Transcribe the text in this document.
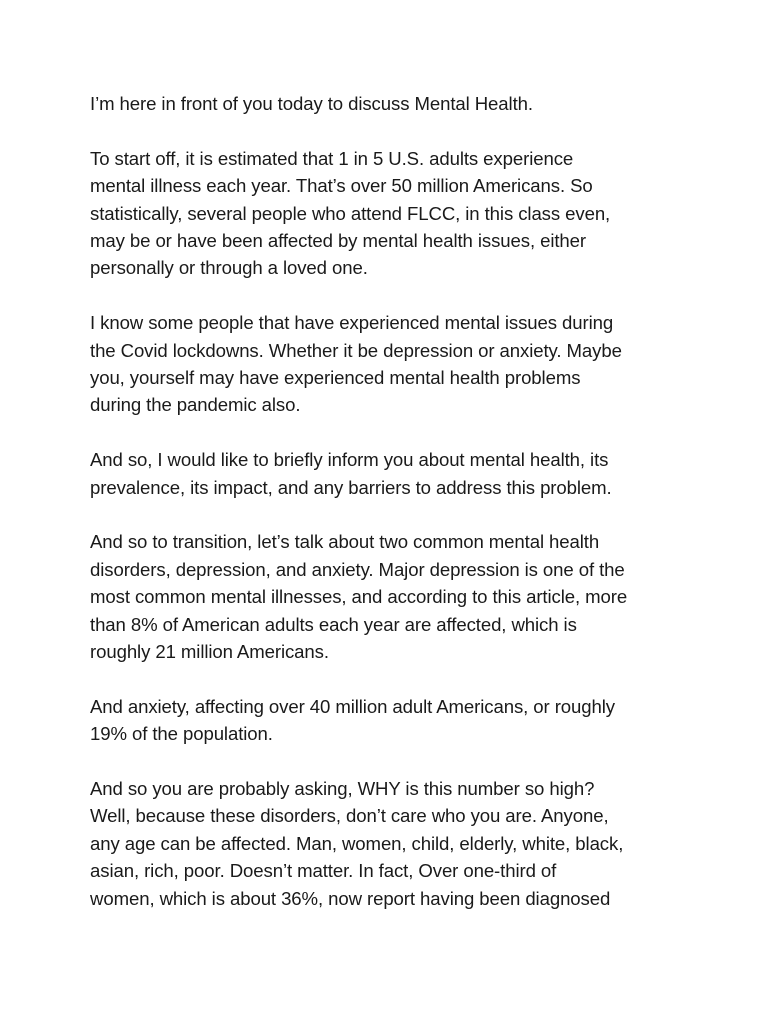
I’m here in front of you today to discuss Mental Health.

To start off, it is estimated that 1 in 5 U.S. adults experience
mental illness each year. That’s over 50 million Americans. So
statistically, several people who attend FLCC, in this class even,
may be or have been affected by mental health issues, either
personally or through a loved one.

I know some people that have experienced mental issues during
the Covid lockdowns. Whether it be depression or anxiety. Maybe
you, yourself may have experienced mental health problems
during the pandemic also.

And so, I would like to briefly inform you about mental health, its
prevalence, its impact, and any barriers to address this problem.

And so to transition, let’s talk about two common mental health
disorders, depression, and anxiety. Major depression is one of the
most common mental illnesses, and according to this article, more
than 8% of American adults each year are affected, which is
roughly 21 million Americans.

And anxiety, affecting over 40 million adult Americans, or roughly
19% of the population.

And so you are probably asking, WHY is this number so high?
Well, because these disorders, don’t care who you are. Anyone,
any age can be affected. Man, women, child, elderly, white, black,
asian, rich, poor. Doesn’t matter. In fact, Over one-third of
women, which is about 36%, now report having been diagnosed
